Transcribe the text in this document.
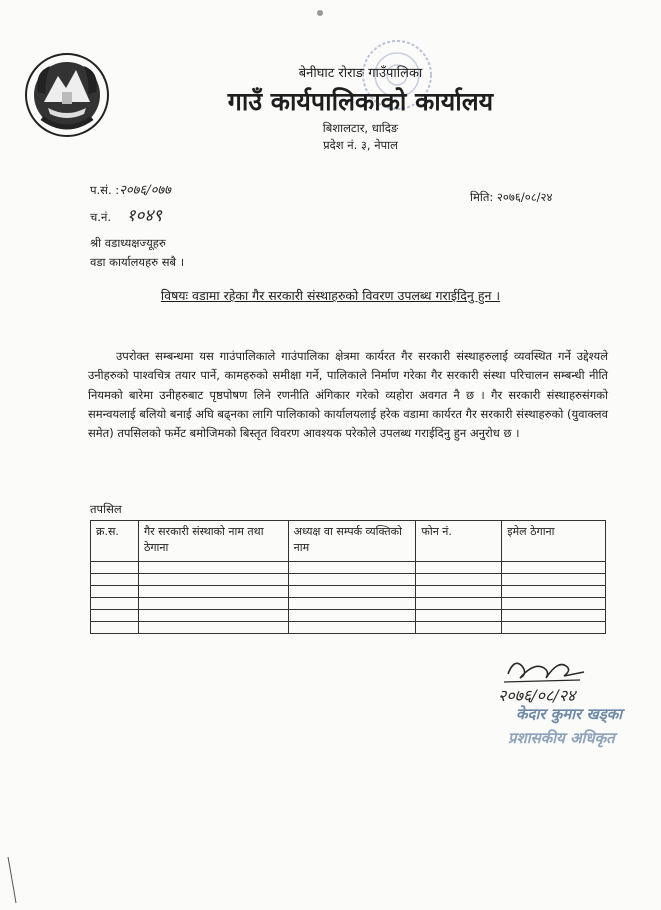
बेनीघाट रोराङ गाउँपालिका
गाउँ कार्यपालिकाको कार्यालय
बिशालटार, धादिङ
प्रदेश नं. ३, नेपाल
प.सं. :२०७६/०७७
च.नं. १०४९
मिति: २०७६/०८/२४
श्री वडाध्यक्षज्यूहरु
वडा कार्यालयहरु सबै ।
विषयः वडामा रहेका गैर सरकारी संस्थाहरुको विवरण उपलब्ध गराईदिनु हुन ।

उपरोक्त सम्बन्धमा यस गाउंपालिकाले गाउंपालिका क्षेत्रमा कार्यरत गैर सरकारी संस्थाहरुलाई व्यवस्थित गर्ने उद्देश्यले उनीहरुको पाश्वचित्र तयार पार्ने, कामहरुको समीक्षा गर्ने, पालिकाले निर्माण गरेका गैर सरकारी संस्था परिचालन सम्बन्धी नीति नियमको बारेमा उनीहरुबाट पृष्ठपोषण लिने रणनीति अंगिकार गरेको व्यहोरा अवगत नै छ । गैर सरकारी संस्थाहरुसंगको समन्वयलाई बलियो बनाई अघि बढ्नका लागि पालिकाको कार्यालयलाई हरेक वडामा कार्यरत गैर सरकारी संस्थाहरुको (युवाक्लव समेत) तपसिलको फर्मेट बमोजिमको बिस्तृत विवरण आवश्यक परेकोले उपलब्ध गराईदिनु हुन अनुरोध छ ।

तपसिल
क्र.स.	गैर सरकारी संस्थाको नाम तथा ठेगाना	अध्यक्ष वा सम्पर्क व्यक्तिको नाम	फोन नं.	इमेल ठेगाना

२०७६/०८/२४
केदार कुमार खड्का
प्रशासकीय अधिकृत
